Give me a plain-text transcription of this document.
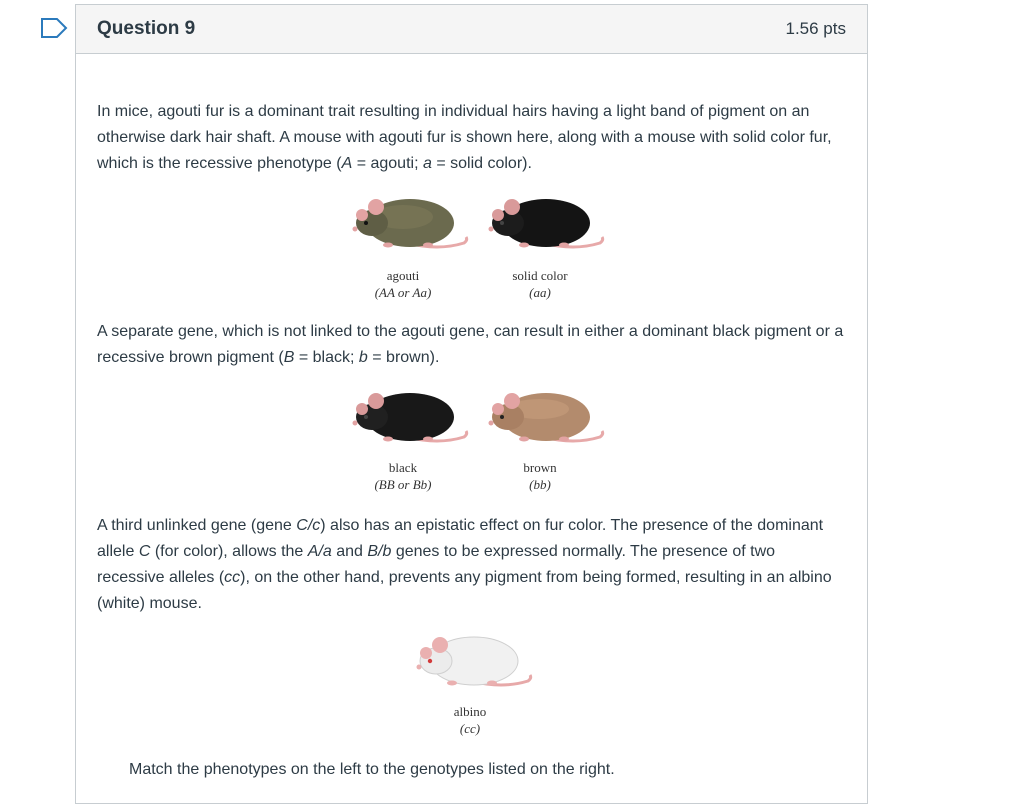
Question 9	1.56 pts

In mice, agouti fur is a dominant trait resulting in individual hairs having a light band of pigment on an otherwise dark hair shaft. A mouse with agouti fur is shown here, along with a mouse with solid color fur, which is the recessive phenotype (A = agouti; a = solid color).

agouti
(AA or Aa)
solid color
(aa)

A separate gene, which is not linked to the agouti gene, can result in either a dominant black pigment or a recessive brown pigment (B = black; b = brown).

black
(BB or Bb)
brown
(bb)

A third unlinked gene (gene C/c) also has an epistatic effect on fur color. The presence of the dominant allele C (for color), allows the A/a and B/b genes to be expressed normally. The presence of two recessive alleles (cc), on the other hand, prevents any pigment from being formed, resulting in an albino (white) mouse.

albino
(cc)

Match the phenotypes on the left to the genotypes listed on the right.
